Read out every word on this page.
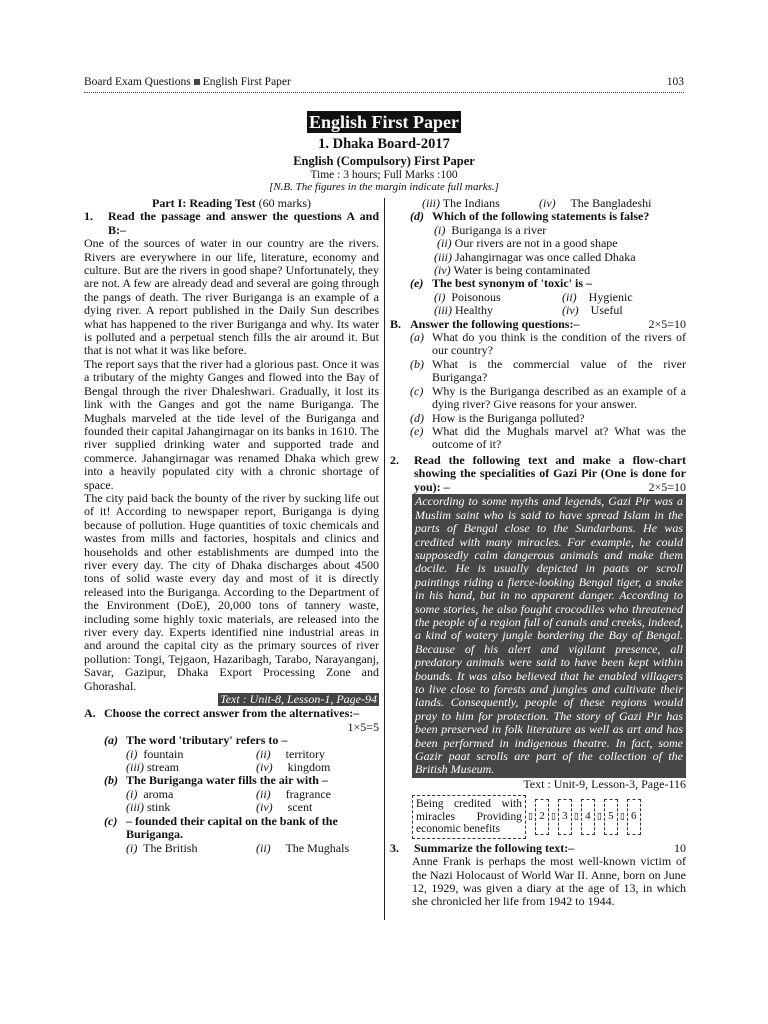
Board Exam Questions English First Paper	103
English First Paper
1. Dhaka Board-2017
English (Compulsory) First Paper
Time : 3 hours; Full Marks :100
[N.B. The figures in the margin indicate full marks.]
Part I: Reading Test (60 marks)
1.	Read the passage and answer the questions A and B:–
One of the sources of water in our country are the rivers. Rivers are everywhere in our life, literature, economy and culture. But are the rivers in good shape? Unfortunately, they are not. A few are already dead and several are going through the pangs of death. The river Buriganga is an example of a dying river. A report published in the Daily Sun describes what has happened to the river Buriganga and why. Its water is polluted and a perpetual stench fills the air around it. But that is not what it was like before.
The report says that the river had a glorious past. Once it was a tributary of the mighty Ganges and flowed into the Bay of Bengal through the river Dhaleshwari. Gradually, it lost its link with the Ganges and got the name Buriganga. The Mughals marveled at the tide level of the Buriganga and founded their capital Jahangirnagar on its banks in 1610. The river supplied drinking water and supported trade and commerce. Jahangirnagar was renamed Dhaka which grew into a heavily populated city with a chronic shortage of space.
The city paid back the bounty of the river by sucking life out of it! According to newspaper report, Buriganga is dying because of pollution. Huge quantities of toxic chemicals and wastes from mills and factories, hospitals and clinics and households and other establishments are dumped into the river every day. The city of Dhaka discharges about 4500 tons of solid waste every day and most of it is directly released into the Buriganga. According to the Department of the Environment (DoE), 20,000 tons of tannery waste, including some highly toxic materials, are released into the river every day. Experts identified nine industrial areas in and around the capital city as the primary sources of river pollution: Tongi, Tejgaon, Hazaribagh, Tarabo, Narayanganj, Savar, Gazipur, Dhaka Export Processing Zone and Ghorashal.
Text : Unit-8, Lesson-1, Page-94
A. Choose the correct answer from the alternatives:–
1×5=5
(a) The word 'tributary' refers to –
(i) fountain	(ii) territory
(iii) stream	(iv) kingdom
(b) The Buriganga water fills the air with –
(i) aroma	(ii) fragrance
(iii) stink	(iv) scent
(c) – founded their capital on the bank of the Buriganga.
(i) The British	(ii) The Mughals
(iii) The Indians	(iv) The Bangladeshi
(d) Which of the following statements is false?
(i) Buriganga is a river
(ii) Our rivers are not in a good shape
(iii) Jahangirnagar was once called Dhaka
(iv) Water is being contaminated
(e) The best synonym of 'toxic' is –
(i) Poisonous	(ii) Hygienic
(iii) Healthy	(iv) Useful
B. Answer the following questions:–	2×5=10
(a) What do you think is the condition of the rivers of our country?
(b) What is the commercial value of the river Buriganga?
(c) Why is the Buriganga described as an example of a dying river? Give reasons for your answer.
(d) How is the Buriganga polluted?
(e) What did the Mughals marvel at? What was the outcome of it?
2.	Read the following text and make a flow-chart showing the specialities of Gazi Pir (One is done for you): –	2×5=10
According to some myths and legends, Gazi Pir was a Muslim saint who is said to have spread Islam in the parts of Bengal close to the Sundarbans. He was credited with many miracles. For example, he could supposedly calm dangerous animals and make them docile. He is usually depicted in paats or scroll paintings riding a fierce-looking Bengal tiger, a snake in his hand, but in no apparent danger. According to some stories, he also fought crocodiles who threatened the people of a region full of canals and creeks, indeed, a kind of watery jungle bordering the Bay of Bengal. Because of his alert and vigilant presence, all predatory animals were said to have been kept within bounds. It was also believed that he enabled villagers to live close to forests and jungles and cultivate their lands. Consequently, people of these regions would pray to him for protection. The story of Gazi Pir has been preserved in folk literature as well as art and has been performed in indigenous theatre. In fact, some Gazir paat scrolls are part of the collection of the British Museum.
Text : Unit-9, Lesson-3, Page-116
Being credited with miracles Providing economic benefits
▯ 2 ▯ 3 ▯ 4 ▯ 5 ▯ 6
3.	Summarize the following text:–	10
Anne Frank is perhaps the most well-known victim of the Nazi Holocaust of World War II. Anne, born on June 12, 1929, was given a diary at the age of 13, in which she chronicled her life from 1942 to 1944.
